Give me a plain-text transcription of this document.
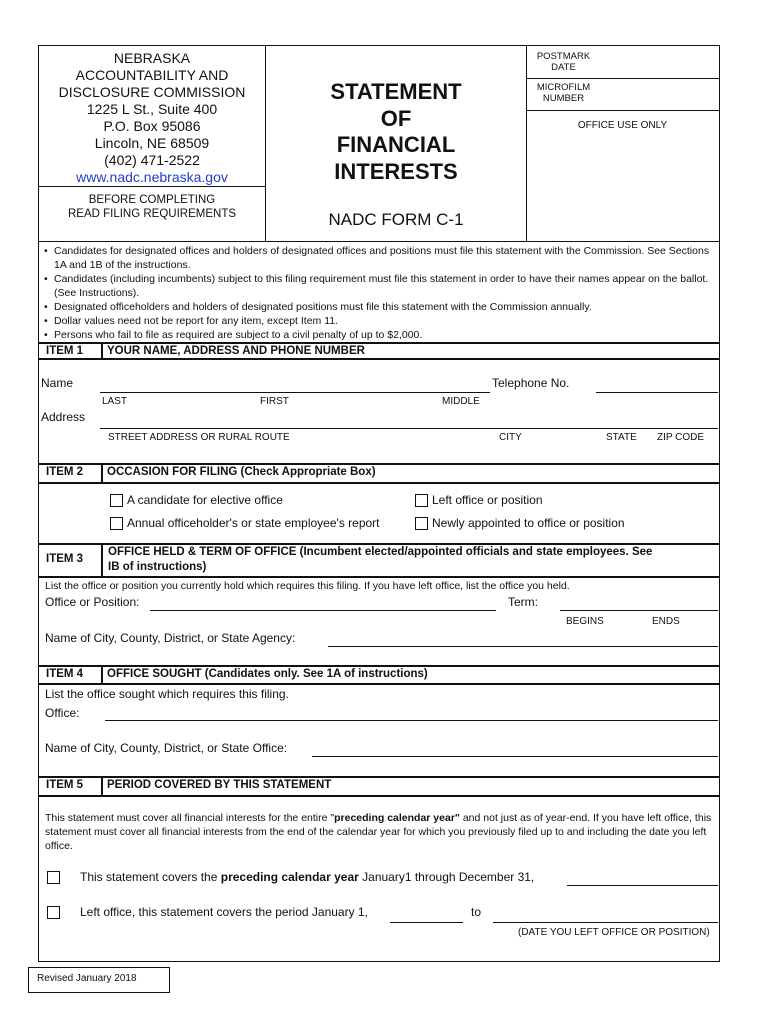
NEBRASKA
ACCOUNTABILITY AND
DISCLOSURE COMMISSION
1225 L St., Suite 400
P.O. Box 95086
Lincoln, NE 68509
(402) 471-2522
www.nadc.nebraska.gov
BEFORE COMPLETING
READ FILING REQUIREMENTS
STATEMENT
OF
FINANCIAL
INTERESTS
NADC FORM C-1
POSTMARK
DATE
MICROFILM
NUMBER
OFFICE USE ONLY
• Candidates for designated offices and holders of designated offices and positions must file this statement with the Commission. See Sections 1A and 1B of the instructions.
• Candidates (including incumbents) subject to this filing requirement must file this statement in order to have their names appear on the ballot. (See Instructions).
• Designated officeholders and holders of designated positions must file this statement with the Commission annually.
• Dollar values need not be report for any item, except Item 11.
• Persons who fail to file as required are subject to a civil penalty of up to $2,000.
ITEM 1 YOUR NAME, ADDRESS AND PHONE NUMBER
Name	Telephone No.
LAST	FIRST	MIDDLE
Address
STREET ADDRESS OR RURAL ROUTE	CITY	STATE ZIP CODE
ITEM 2 OCCASION FOR FILING (Check Appropriate Box)
A candidate for elective office	Left office or position
Annual officeholder's or state employee's report	Newly appointed to office or position
ITEM 3
OFFICE HELD & TERM OF OFFICE (Incumbent elected/appointed officials and state employees. See
IB of instructions)
List the office or position you currently hold which requires this filing. If you have left office, list the office you held.
Office or Position:	Term:
BEGINS	ENDS
Name of City, County, District, or State Agency:
ITEM 4 OFFICE SOUGHT (Candidates only. See 1A of instructions)
List the office sought which requires this filing.
Office:
Name of City, County, District, or State Office:
ITEM 5 PERIOD COVERED BY THIS STATEMENT
This statement must cover all financial interests for the entire "preceding calendar year" and not just as of year-end. If you have left office, this statement must cover all financial interests from the end of the calendar year for which you previously filed up to and including the date you left office.
This statement covers the preceding calendar year January1 through December 31,
Left office, this statement covers the period January 1,	to
(DATE YOU LEFT OFFICE OR POSITION)
Revised January 2018
